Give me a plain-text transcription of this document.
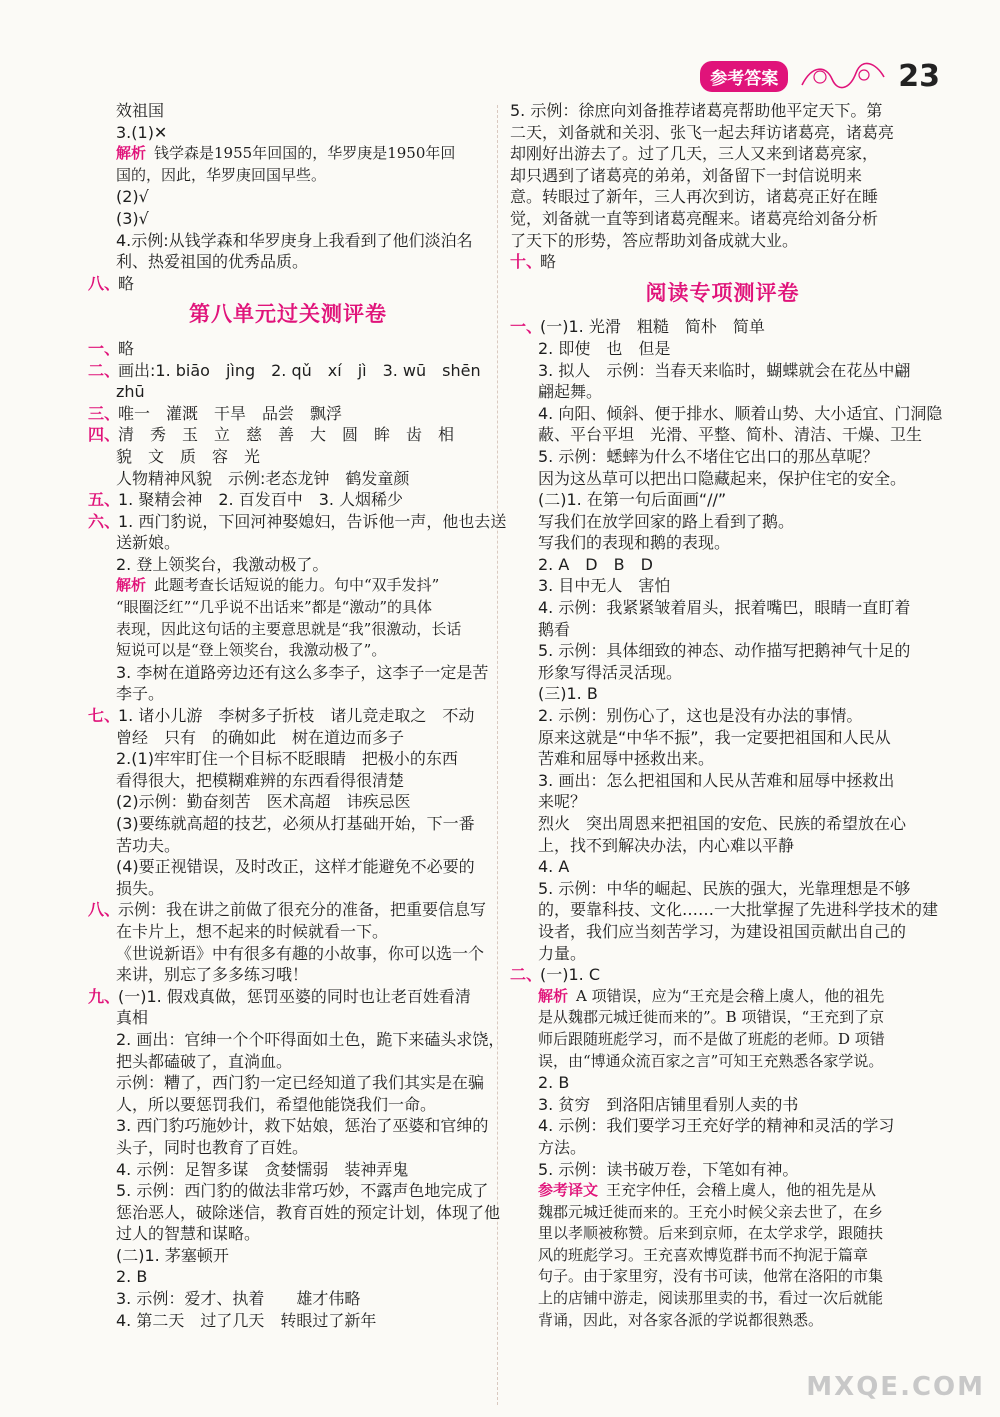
参考答案	23
效祖国
3.(1)✕
解析 钱学森是1955年回国的，华罗庚是1950年回
国的，因此，华罗庚回国早些。
(2)√
(3)√
4.示例:从钱学森和华罗庚身上我看到了他们淡泊名
利、热爱祖国的优秀品质。
八、
略
第八单元过关测评卷
一、略
二、画出:1. biāo　jìng　2. qǔ　xí　jì　3. wū　shēn
zhū
三、唯一　灌溉　干旱　品尝　飘浮
四、清　秀　玉　立　慈　善　大　圆　眸　齿　相
貌　文　质　容　光
人物精神风貌　示例:老态龙钟　鹤发童颜
五、1. 聚精会神　2. 百发百中　3. 人烟稀少
六、1. 西门豹说，下回河神娶媳妇，告诉他一声，他也去送
送新娘。
2. 登上领奖台，我激动极了。
解析 此题考查长话短说的能力。句中“双手发抖”
“眼圈泛红”“几乎说不出话来”都是“激动”的具体
表现，因此这句话的主要意思就是“我”很激动，长话
短说可以是“登上领奖台，我激动极了”。
3. 李树在道路旁边还有这么多李子，这李子一定是苦
李子。
七、1. 诸小儿游　李树多子折枝　诸儿竞走取之　不动
曾经　只有　的确如此　树在道边而多子
2.(1)牢牢盯住一个目标不眨眼睛　把极小的东西
看得很大，把模糊难辨的东西看得很清楚
(2)示例：勤奋刻苦　医术高超　讳疾忌医
(3)要练就高超的技艺，必须从打基础开始，下一番
苦功夫。
(4)要正视错误，及时改正，这样才能避免不必要的
损失。
八、示例：我在讲之前做了很充分的准备，把重要信息写
在卡片上，想不起来的时候就看一下。
《世说新语》中有很多有趣的小故事，你可以选一个
来讲，别忘了多多练习哦！
九、(一)1. 假戏真做，惩罚巫婆的同时也让老百姓看清
真相
2. 画出：官绅一个个吓得面如土色，跪下来磕头求饶，
把头都磕破了，直淌血。
示例：糟了，西门豹一定已经知道了我们其实是在骗
人，所以要惩罚我们，希望他能饶我们一命。
3. 西门豹巧施妙计，救下姑娘，惩治了巫婆和官绅的
头子，同时也教育了百姓。
4. 示例：足智多谋　贪婪懦弱　装神弄鬼
5. 示例：西门豹的做法非常巧妙，不露声色地完成了
惩治恶人，破除迷信，教育百姓的预定计划，体现了他
过人的智慧和谋略。
(二)1. 茅塞顿开
2. B
3. 示例：爱才、执着　　雄才伟略
4. 第二天　过了几天　转眼过了新年
5. 示例：徐庶向刘备推荐诸葛亮帮助他平定天下。第
二天，刘备就和关羽、张飞一起去拜访诸葛亮，诸葛亮
却刚好出游去了。过了几天，三人又来到诸葛亮家，
却只遇到了诸葛亮的弟弟，刘备留下一封信说明来
意。转眼过了新年，三人再次到访，诸葛亮正好在睡
觉，刘备就一直等到诸葛亮醒来。诸葛亮给刘备分析
了天下的形势，答应帮助刘备成就大业。
十、略
阅读专项测评卷
一、(一)1. 光滑　粗糙　简朴　简单
2. 即使　也　但是
3. 拟人　示例：当春天来临时，蝴蝶就会在花丛中翩
翩起舞。
4. 向阳、倾斜、便于排水、顺着山势、大小适宜、门洞隐
蔽、平台平坦　光滑、平整、简朴、清洁、干燥、卫生
5. 示例：蟋蟀为什么不堵住它出口的那丛草呢？
因为这丛草可以把出口隐藏起来，保护住宅的安全。
(二)1. 在第一句后面画“//”
写我们在放学回家的路上看到了鹅。
写我们的表现和鹅的表现。
2. A　D　B　D
3. 目中无人　害怕
4. 示例：我紧紧皱着眉头，抿着嘴巴，眼睛一直盯着
鹅看
5. 示例：具体细致的神态、动作描写把鹅神气十足的
形象写得活灵活现。
(三)1. B
2. 示例：别伤心了，这也是没有办法的事情。
原来这就是“中华不振”，我一定要把祖国和人民从
苦难和屈辱中拯救出来。
3. 画出：怎么把祖国和人民从苦难和屈辱中拯救出
来呢？
烈火　突出周恩来把祖国的安危、民族的希望放在心
上，找不到解决办法，内心难以平静
4. A
5. 示例：中华的崛起、民族的强大，光靠理想是不够
的，要靠科技、文化……一大批掌握了先进科学技术的建
设者，我们应当刻苦学习，为建设祖国贡献出自己的
力量。
二、(一)1. C
解析 A 项错误，应为“王充是会稽上虞人，他的祖先
是从魏郡元城迁徙而来的”。B 项错误，“王充到了京
师后跟随班彪学习，而不是做了班彪的老师。D 项错
误，由“博通众流百家之言”可知王充熟悉各家学说。
2. B
3. 贫穷　到洛阳店铺里看别人卖的书
4. 示例：我们要学习王充好学的精神和灵活的学习
方法。
5. 示例：读书破万卷，下笔如有神。
参考译文 王充字仲任，会稽上虞人，他的祖先是从
魏郡元城迁徙而来的。王充小时候父亲去世了，在乡
里以孝顺被称赞。后来到京师，在太学求学，跟随扶
风的班彪学习。王充喜欢博览群书而不拘泥于篇章
句子。由于家里穷，没有书可读，他常在洛阳的市集
上的店铺中游走，阅读那里卖的书，看过一次后就能
背诵，因此，对各家各派的学说都很熟悉。
MXQE.COM
